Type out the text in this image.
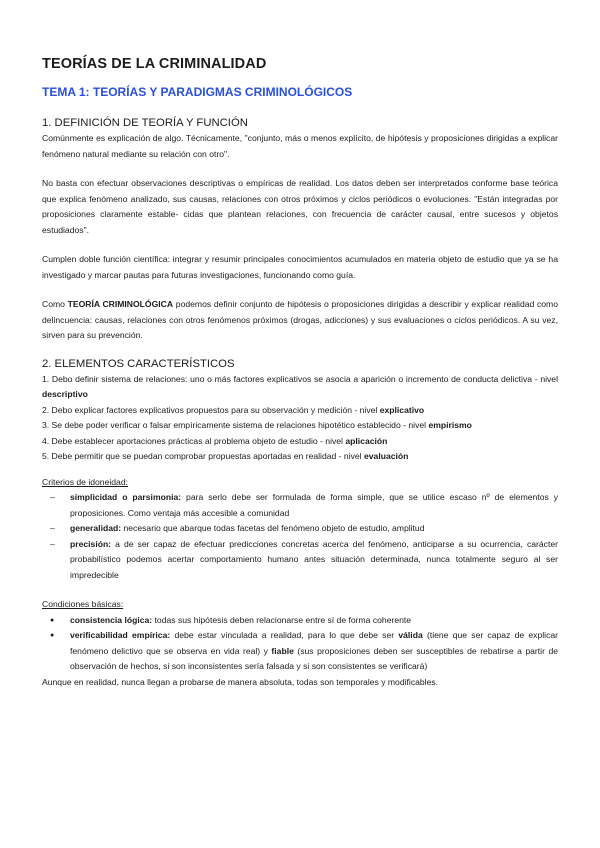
TEORÍAS DE LA CRIMINALIDAD
TEMA 1: TEORÍAS Y PARADIGMAS CRIMINOLÓGICOS
1. DEFINICIÓN DE TEORÍA Y FUNCIÓN

Comúnmente es explicación de algo. Técnicamente, "conjunto, más o menos explícito, de hipótesis y proposiciones dirigidas a explicar fenómeno natural mediante su relación con otro".

No basta con efectuar observaciones descriptivas o empíricas de realidad. Los datos deben ser interpretados conforme base teórica que explica fenómeno analizado, sus causas, relaciones con otros próximos y ciclos periódicos o evoluciones. "Están integradas por proposiciones claramente estable- cidas que plantean relaciones, con frecuencia de carácter causal, entre sucesos y objetos estudiados".

Cumplen doble función científica: integrar y resumir principales conocimientos acumulados en materia objeto de estudio que ya se ha investigado y marcar pautas para futuras investigaciones, funcionando como guía.

Como TEORÍA CRIMINOLÓGICA podemos definir conjunto de hipótesis o proposiciones dirigidas a describir y explicar realidad como delincuencia: causas, relaciones con otros fenómenos próximos (drogas, adicciones) y sus evaluaciones o ciclos periódicos. A su vez, sirven para su prevención.

2. ELEMENTOS CARACTERÍSTICOS
1. Debo definir sistema de relaciones: uno o más factores explicativos se asocia a aparición o incremento de conducta delictiva - nivel descriptivo
2. Debo explicar factores explicativos propuestos para su observación y medición - nivel explicativo
3. Se debe poder verificar o falsar empíricamente sistema de relaciones hipotético establecido - nivel empirismo
4. Debe establecer aportaciones prácticas al problema objeto de estudio - nivel aplicación
5. Debe permitir que se puedan comprobar propuestas aportadas en realidad - nivel evaluación

Criterios de idoneidad:

– simplicidad o parsimonia: para serlo debe ser formulada de forma simple, que se utilice escaso nº de elementos y proposiciones. Como ventaja más accesible a comunidad
– generalidad: necesario que abarque todas facetas del fenómeno objeto de estudio, amplitud
– precisión: a de ser capaz de efectuar predicciones concretas acerca del fenómeno, anticiparse a su ocurrencia, carácter probabilístico podemos acertar comportamiento humano antes situación determinada, nunca totalmente seguro al ser impredecible

Condiciones básicas:

● consistencia lógica: todas sus hipótesis deben relacionarse entre sí de forma coherente
● verificabilidad empírica: debe estar vinculada a realidad, para lo que debe ser válida (tiene que ser capaz de explicar fenómeno delictivo que se observa en vida real) y fiable (sus proposiciones deben ser susceptibles de rebatirse a partir de observación de hechos, si son inconsistentes sería falsada y si son consistentes se verificará)

Aunque en realidad, nunca llegan a probarse de manera absoluta, todas son temporales y modificables.
